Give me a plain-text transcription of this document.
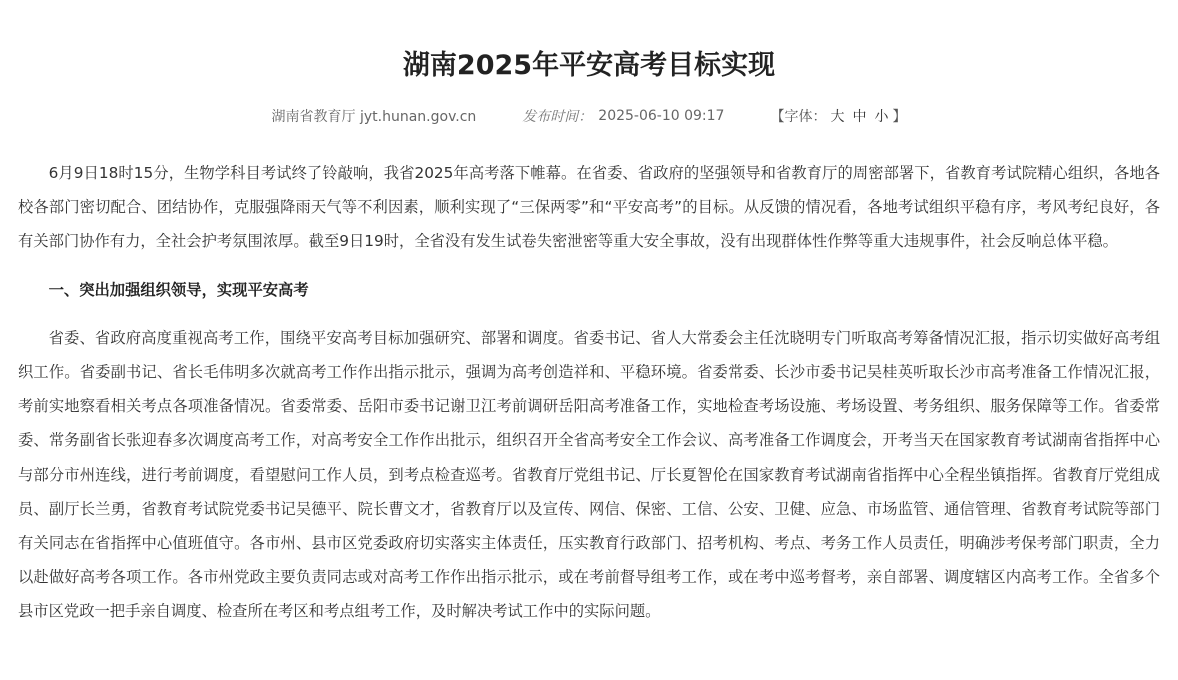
湖南2025年平安高考目标实现
湖南省教育厅 jyt.hunan.gov.cn	发布时间： 2025-06-10 09:17	【字体： 大 中 小 】

6月9日18时15分，生物学科目考试终了铃敲响，我省2025年高考落下帷幕。在省委、省政府的坚强领导和省教育厅的周密部署下，省教育考试院精心组织，各地各校各部门密切配合、团结协作，克服强降雨天气等不利因素，顺利实现了“三保两零”和“平安高考”的目标。从反馈的情况看，各地考试组织平稳有序，考风考纪良好，各有关部门协作有力，全社会护考氛围浓厚。截至9日19时，全省没有发生试卷失密泄密等重大安全事故，没有出现群体性作弊等重大违规事件，社会反响总体平稳。

一、突出加强组织领导，实现平安高考

省委、省政府高度重视高考工作，围绕平安高考目标加强研究、部署和调度。省委书记、省人大常委会主任沈晓明专门听取高考筹备情况汇报，指示切实做好高考组织工作。省委副书记、省长毛伟明多次就高考工作作出指示批示，强调为高考创造祥和、平稳环境。省委常委、长沙市委书记吴桂英听取长沙市高考准备工作情况汇报，考前实地察看相关考点各项准备情况。省委常委、岳阳市委书记谢卫江考前调研岳阳高考准备工作，实地检查考场设施、考场设置、考务组织、服务保障等工作。省委常委、常务副省长张迎春多次调度高考工作，对高考安全工作作出批示，组织召开全省高考安全工作会议、高考准备工作调度会，开考当天在国家教育考试湖南省指挥中心与部分市州连线，进行考前调度，看望慰问工作人员，到考点检查巡考。省教育厅党组书记、厅长夏智伦在国家教育考试湖南省指挥中心全程坐镇指挥。省教育厅党组成员、副厅长兰勇，省教育考试院党委书记吴德平、院长曹文才，省教育厅以及宣传、网信、保密、工信、公安、卫健、应急、市场监管、通信管理、省教育考试院等部门有关同志在省指挥中心值班值守。各市州、县市区党委政府切实落实主体责任，压实教育行政部门、招考机构、考点、考务工作人员责任，明确涉考保考部门职责，全力以赴做好高考各项工作。各市州党政主要负责同志或对高考工作作出指示批示，或在考前督导组考工作，或在考中巡考督考，亲自部署、调度辖区内高考工作。全省多个县市区党政一把手亲自调度、检查所在考区和考点组考工作，及时解决考试工作中的实际问题。
